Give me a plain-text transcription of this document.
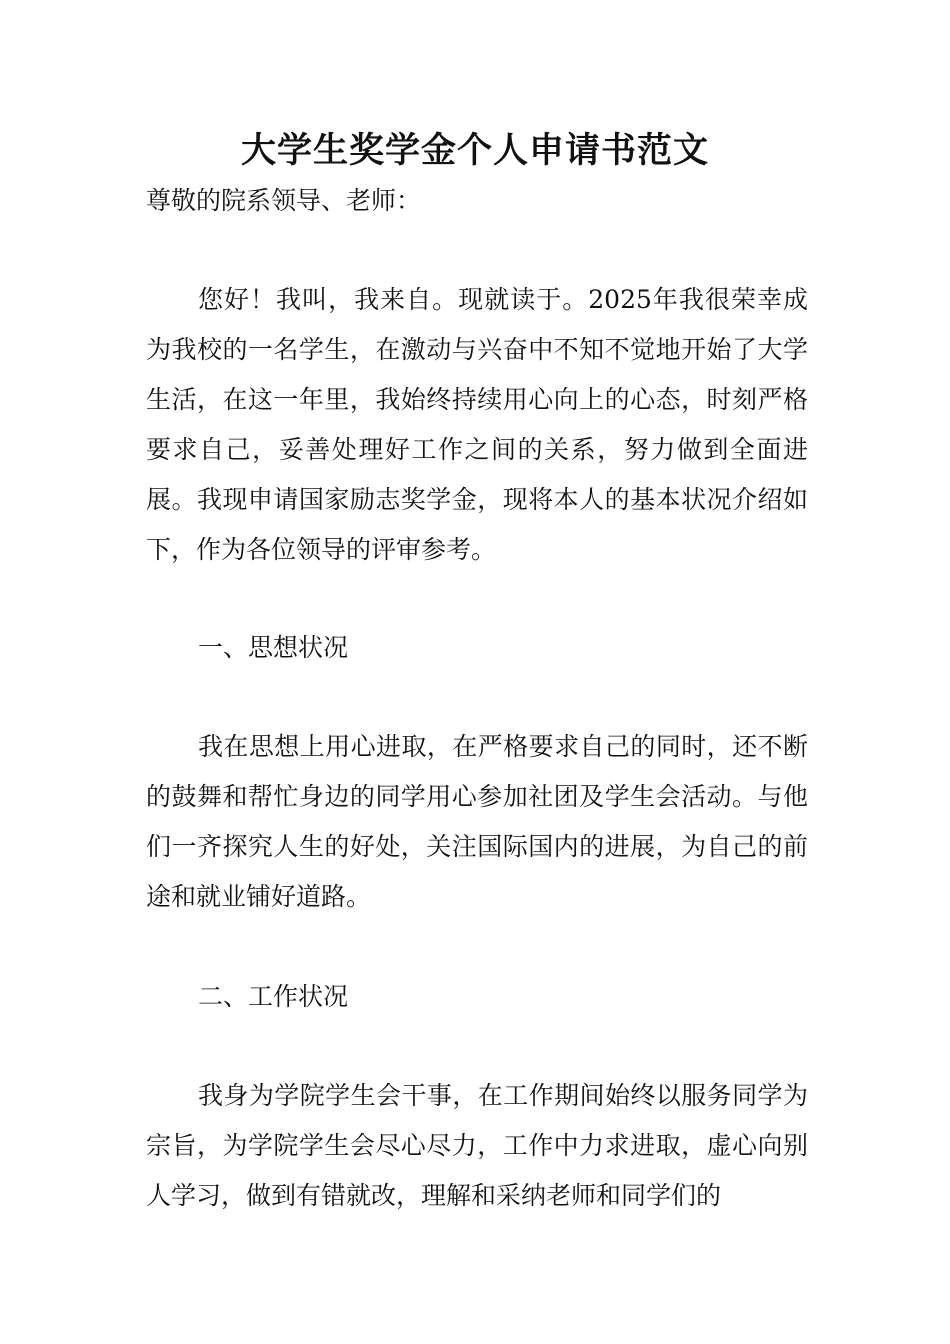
大学生奖学金个人申请书范文
尊敬的院系领导、老师：
您好！我叫，我来自。现就读于。2025年我很荣幸成为我校的一名学生，在激动与兴奋中不知不觉地开始了大学生活，在这一年里，我始终持续用心向上的心态，时刻严格要求自己，妥善处理好工作之间的关系，努力做到全面进展。我现申请国家励志奖学金，现将本人的基本状况介绍如下，作为各位领导的评审参考。
一、思想状况
我在思想上用心进取，在严格要求自己的同时，还不断的鼓舞和帮忙身边的同学用心参加社团及学生会活动。与他们一齐探究人生的好处，关注国际国内的进展，为自己的前途和就业铺好道路。
二、工作状况
我身为学院学生会干事，在工作期间始终以服务同学为宗旨，为学院学生会尽心尽力，工作中力求进取，虚心向别人学习，做到有错就改，理解和采纳老师和同学们的
